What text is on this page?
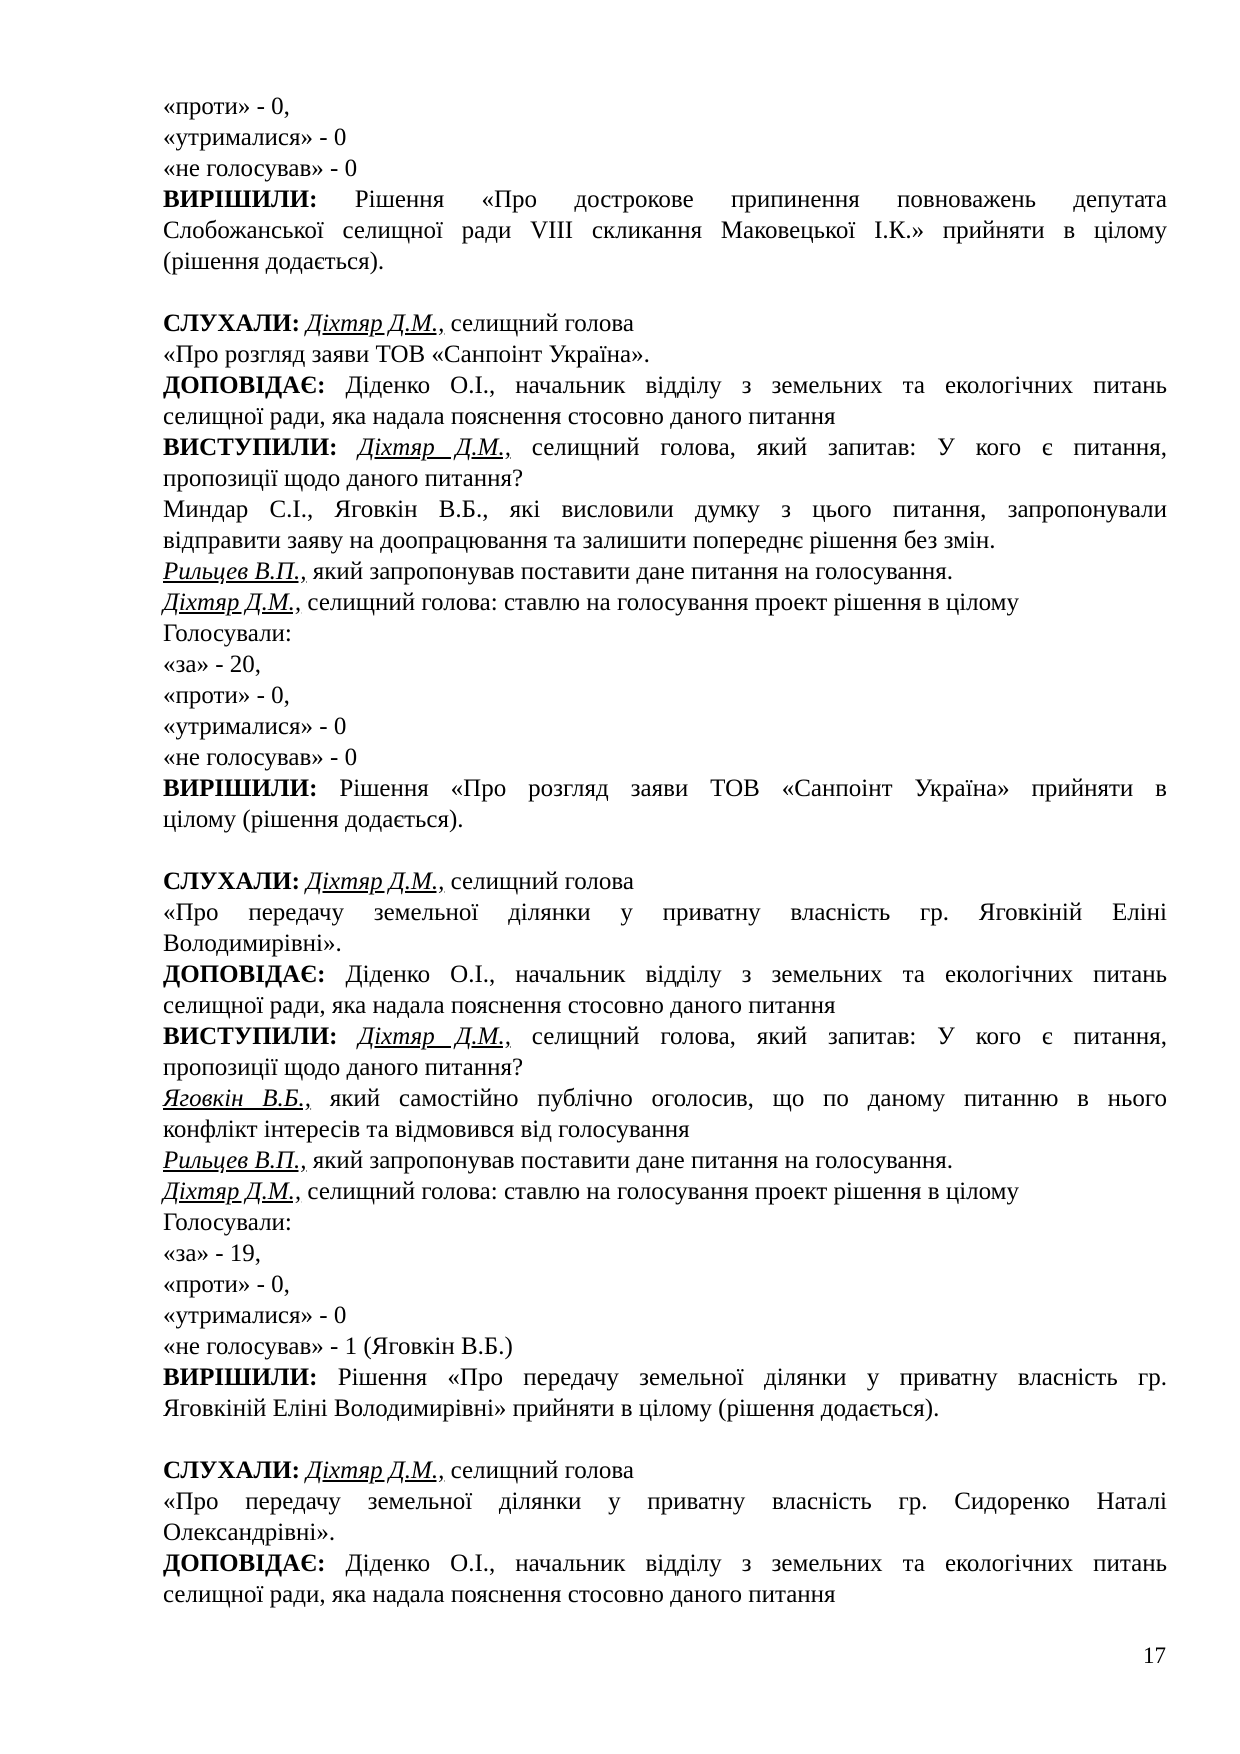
«проти» - 0,
«утрималися» - 0
«не голосував» - 0
ВИРІШИЛИ: Рішення «Про дострокове припинення повноважень депутата
Слобожанської селищної ради VIII скликання Маковецької І.К.» прийняти в цілому
(рішення додається).
СЛУХАЛИ: Діхтяр Д.М., селищний голова
«Про розгляд заяви ТОВ «Санпоінт Україна».
ДОПОВІДАЄ: Діденко О.І., начальник відділу з земельних та екологічних питань
селищної ради, яка надала пояснення стосовно даного питання
ВИСТУПИЛИ: Діхтяр Д.М., селищний голова, який запитав: У кого є питання,
пропозиції щодо даного питання?
Миндар С.І., Яговкін В.Б., які висловили думку з цього питання, запропонували
відправити заяву на доопрацювання та залишити попереднє рішення без змін.
Рильцев В.П., який запропонував поставити дане питання на голосування.
Діхтяр Д.М., селищний голова: ставлю на голосування проект рішення в цілому
Голосували:
«за» - 20,
«проти» - 0,
«утрималися» - 0
«не голосував» - 0
ВИРІШИЛИ: Рішення «Про розгляд заяви ТОВ «Санпоінт Україна» прийняти в
цілому (рішення додається).
СЛУХАЛИ: Діхтяр Д.М., селищний голова
«Про передачу земельної ділянки у приватну власність гр. Яговкіній Еліні
Володимирівні».
ДОПОВІДАЄ: Діденко О.І., начальник відділу з земельних та екологічних питань
селищної ради, яка надала пояснення стосовно даного питання
ВИСТУПИЛИ: Діхтяр Д.М., селищний голова, який запитав: У кого є питання,
пропозиції щодо даного питання?
Яговкін В.Б., який самостійно публічно оголосив, що по даному питанню в нього
конфлікт інтересів та відмовився від голосування
Рильцев В.П., який запропонував поставити дане питання на голосування.
Діхтяр Д.М., селищний голова: ставлю на голосування проект рішення в цілому
Голосували:
«за» - 19,
«проти» - 0,
«утрималися» - 0
«не голосував» - 1 (Яговкін В.Б.)
ВИРІШИЛИ: Рішення «Про передачу земельної ділянки у приватну власність гр.
Яговкіній Еліні Володимирівні» прийняти в цілому (рішення додається).
СЛУХАЛИ: Діхтяр Д.М., селищний голова
«Про передачу земельної ділянки у приватну власність гр. Сидоренко Наталі
Олександрівні».
ДОПОВІДАЄ: Діденко О.І., начальник відділу з земельних та екологічних питань
селищної ради, яка надала пояснення стосовно даного питання
17
